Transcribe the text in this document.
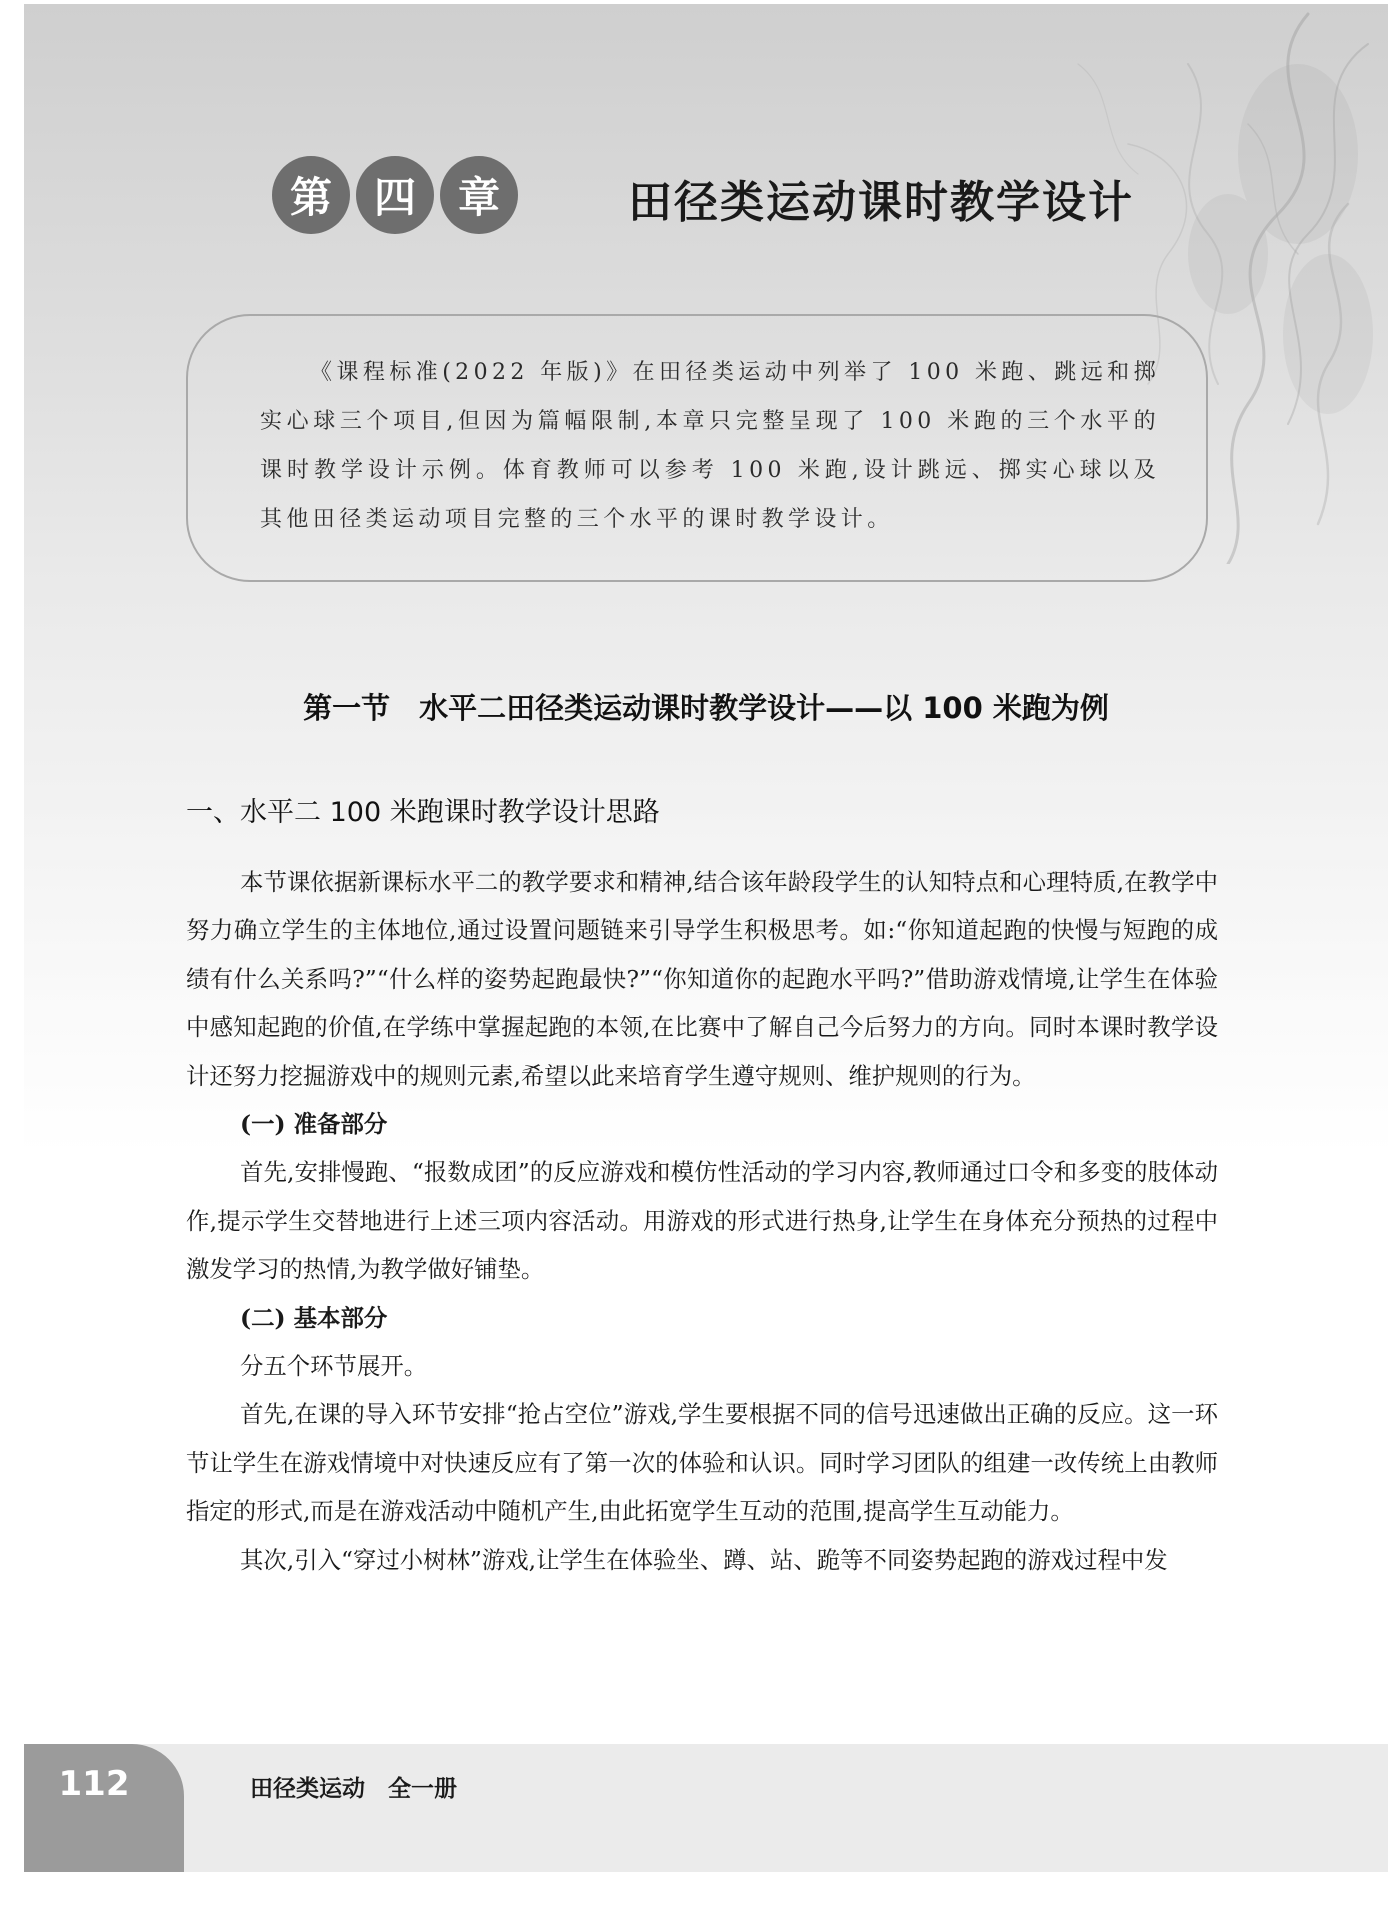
第 四 章	田径类运动课时教学设计
《课程标准(2022 年版)》在田径类运动中列举了 100 米跑、跳远和掷实心球三个项目,但因为篇幅限制,本章只完整呈现了 100 米跑的三个水平的课时教学设计示例。体育教师可以参考 100 米跑,设计跳远、掷实心球以及其他田径类运动项目完整的三个水平的课时教学设计。
第一节　水平二田径类运动课时教学设计——以 100 米跑为例
一、水平二 100 米跑课时教学设计思路

本节课依据新课标水平二的教学要求和精神,结合该年龄段学生的认知特点和心理特质,在教学中努力确立学生的主体地位,通过设置问题链来引导学生积极思考。如:“你知道起跑的快慢与短跑的成绩有什么关系吗?”“什么样的姿势起跑最快?”“你知道你的起跑水平吗?”借助游戏情境,让学生在体验中感知起跑的价值,在学练中掌握起跑的本领,在比赛中了解自己今后努力的方向。同时本课时教学设计还努力挖掘游戏中的规则元素,希望以此来培育学生遵守规则、维护规则的行为。

(一) 准备部分

首先,安排慢跑、“报数成团”的反应游戏和模仿性活动的学习内容,教师通过口令和多变的肢体动作,提示学生交替地进行上述三项内容活动。用游戏的形式进行热身,让学生在身体充分预热的过程中激发学习的热情,为教学做好铺垫。

(二) 基本部分

分五个环节展开。

首先,在课的导入环节安排“抢占空位”游戏,学生要根据不同的信号迅速做出正确的反应。这一环节让学生在游戏情境中对快速反应有了第一次的体验和认识。同时学习团队的组建一改传统上由教师指定的形式,而是在游戏活动中随机产生,由此拓宽学生互动的范围,提高学生互动能力。

其次,引入“穿过小树林”游戏,让学生在体验坐、蹲、站、跪等不同姿势起跑的游戏过程中发

112	田径类运动　全一册
